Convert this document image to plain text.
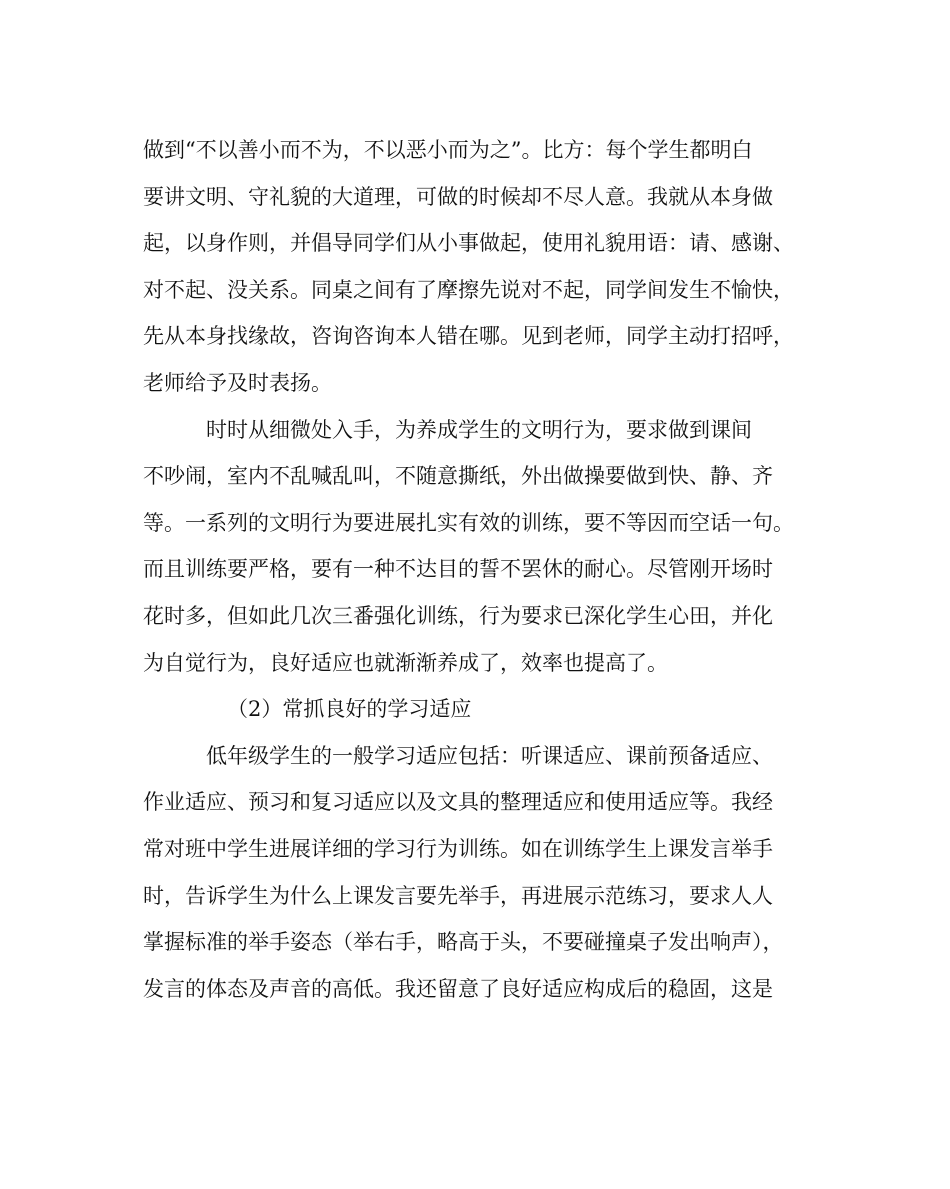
做到“不以善小而不为，不以恶小而为之”。比方：每个学生都明白
要讲文明、守礼貌的大道理，可做的时候却不尽人意。我就从本身做
起，以身作则，并倡导同学们从小事做起，使用礼貌用语：请、感谢、
对不起、没关系。同桌之间有了摩擦先说对不起，同学间发生不愉快，
先从本身找缘故，咨询咨询本人错在哪。见到老师，同学主动打招呼，
老师给予及时表扬。
时时从细微处入手，为养成学生的文明行为，要求做到课间
不吵闹，室内不乱喊乱叫，不随意撕纸，外出做操要做到快、静、齐
等。一系列的文明行为要进展扎实有效的训练，要不等因而空话一句。
而且训练要严格，要有一种不达目的誓不罢休的耐心。尽管刚开场时
花时多，但如此几次三番强化训练，行为要求已深化学生心田，并化
为自觉行为，良好适应也就渐渐养成了，效率也提高了。
（2）常抓良好的学习适应
低年级学生的一般学习适应包括：听课适应、课前预备适应、
作业适应、预习和复习适应以及文具的整理适应和使用适应等。我经
常对班中学生进展详细的学习行为训练。如在训练学生上课发言举手
时，告诉学生为什么上课发言要先举手，再进展示范练习，要求人人
掌握标准的举手姿态（举右手，略高于头，不要碰撞桌子发出响声），
发言的体态及声音的高低。我还留意了良好适应构成后的稳固，这是
